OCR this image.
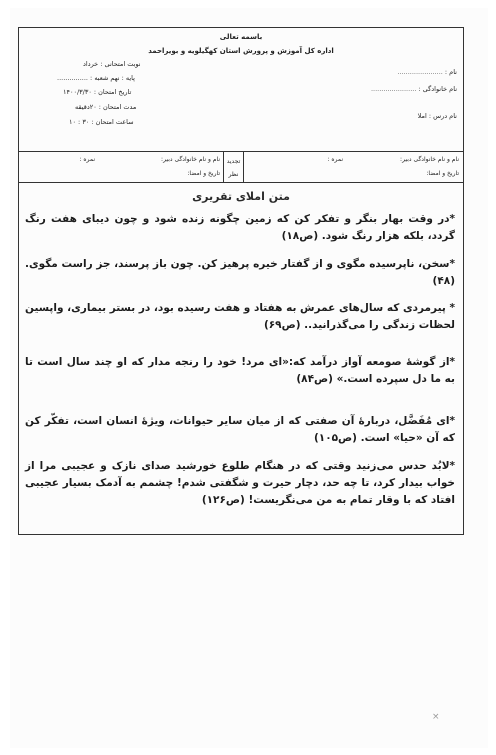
باسمه تعالی
اداره کل آموزش و پرورش استان کهگیلویه و بویراحمد
نام : ......................
نام خانوادگی : ......................
نام درس : املا
نوبت امتحانی : خرداد
پایه : نهم شعبه : ...............
تاریخ امتحان : ۱۴۰۰/۳/۳۰
مدت امتحان : ۲۰دقیقه
ساعت امتحان : ۳۰ : ۱۰
نام و نام خانوادگی دبیر:
نمره :
تاریخ و امضا:
تجدید نظر
نام و نام خانوادگی دبیر:
نمره :
تاریخ و امضا:
متن املای تقریری
*در وقت بهار بنگر و تفکر کن که زمین چگونه زنده شود و چون دیبای هفت رنگ گردد، بلکه هزار رنگ شود. (ص۱۸)
*سخن، ناپرسیده مگوی و از گفتار خیره پرهیز کن. چون باز پرسند، جز راست مگوی. (۴۸)
* پیرمردی که سال‌های عمرش به هفتاد و هفت رسیده بود، در بستر بیماری، واپسین لحظات زندگی را می‌گذرانید.. (ص۶۹)
*از گوشهٔ صومعه آواز درآمد که:«ای مرد! خود را رنجه مدار که او چند سال است تا به ما دل سپرده است.» (ص۸۴)
*ای مُفَضَّل، دربارهٔ آن صفتی که از میان سایر حیوانات، ویژهٔ انسان است، تفکّر کن که آن «حیا» است. (ص۱۰۵)
*لابُد حدس می‌زنید وقتی که در هنگام طلوع خورشید صدای نازک و عجیبی مرا از خواب بیدار کرد، تا چه حد، دچار حیرت و شگفتی شدم! چشمم به آدمک بسیار عجیبی افتاد که با وقار تمام به من می‌نگریست! (ص۱۲۶)
×
